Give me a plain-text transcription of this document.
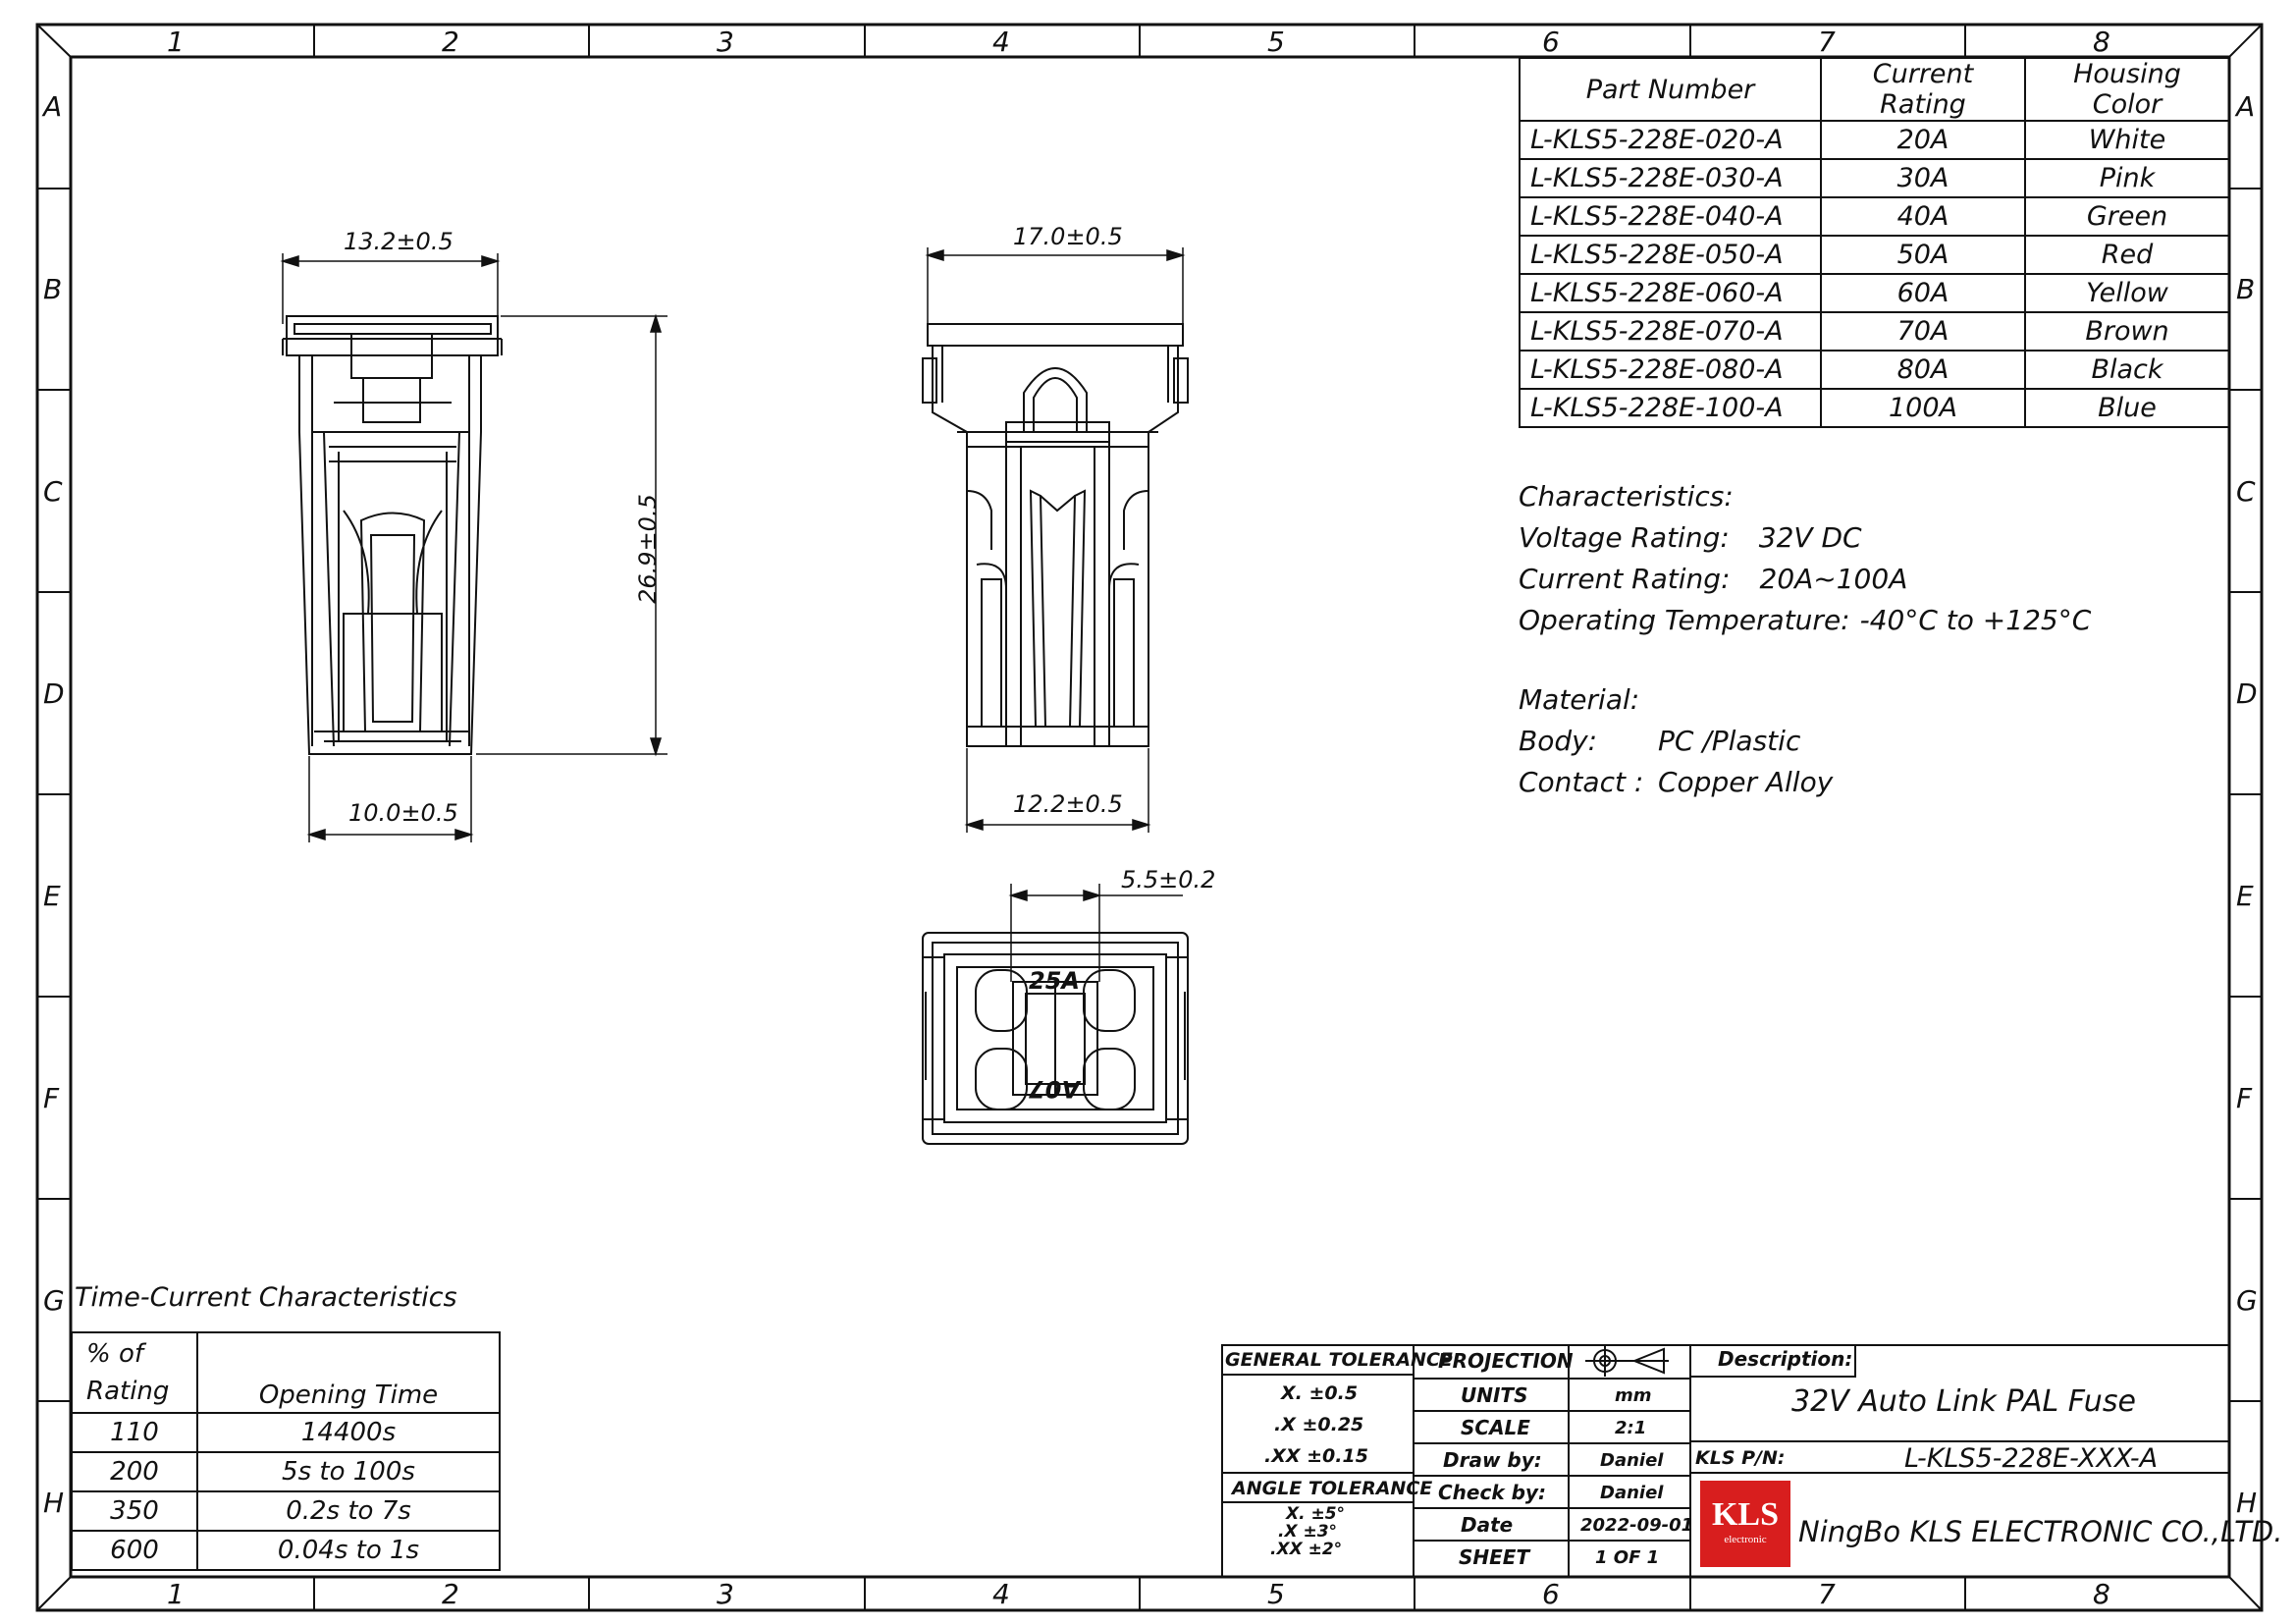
1	2	3	4	5	6	7	8
1	2	3	4	5	6	7	8
A
B
C
D
E
F
G
H
A
B
C
D
E
F
G
H
13.2±0.5
10.0±0.5
26.9±0.5
17.0±0.5
12.2±0.5
5.5±0.2
25A
A07
Part Number	Current Rating	Housing Color
L-KLS5-228E-020-A	20A	White
L-KLS5-228E-030-A	30A	Pink
L-KLS5-228E-040-A	40A	Green
L-KLS5-228E-050-A	50A	Red
L-KLS5-228E-060-A	60A	Yellow
L-KLS5-228E-070-A	70A	Brown
L-KLS5-228E-080-A	80A	Black
L-KLS5-228E-100-A	100A	Blue
Characteristics:
Voltage Rating: 32V DC
Current Rating: 20A~100A
Operating Temperature: -40°C to +125°C
Material:
Body: PC /Plastic
Contact : Copper Alloy
Time-Current Characteristics
% of
Rating	Opening Time
110	14400s
200	5s to 100s
350	0.2s to 7s
600	0.04s to 1s
GENERAL TOLERANCE
X. ±0.5
.X ±0.25
.XX ±0.15
ANGLE TOLERANCE
X. ±5°
.X ±3°
.XX ±2°
PROJECTION
UNITS	mm
SCALE	2:1
Draw by:	Daniel
Check by:	Daniel
Date	2022-09-01
SHEET	1 OF 1
Description:
32V Auto Link PAL Fuse
KLS P/N:	L-KLS5-228E-XXX-A
KLS
electronic	NingBo KLS ELECTRONIC CO.,LTD.
